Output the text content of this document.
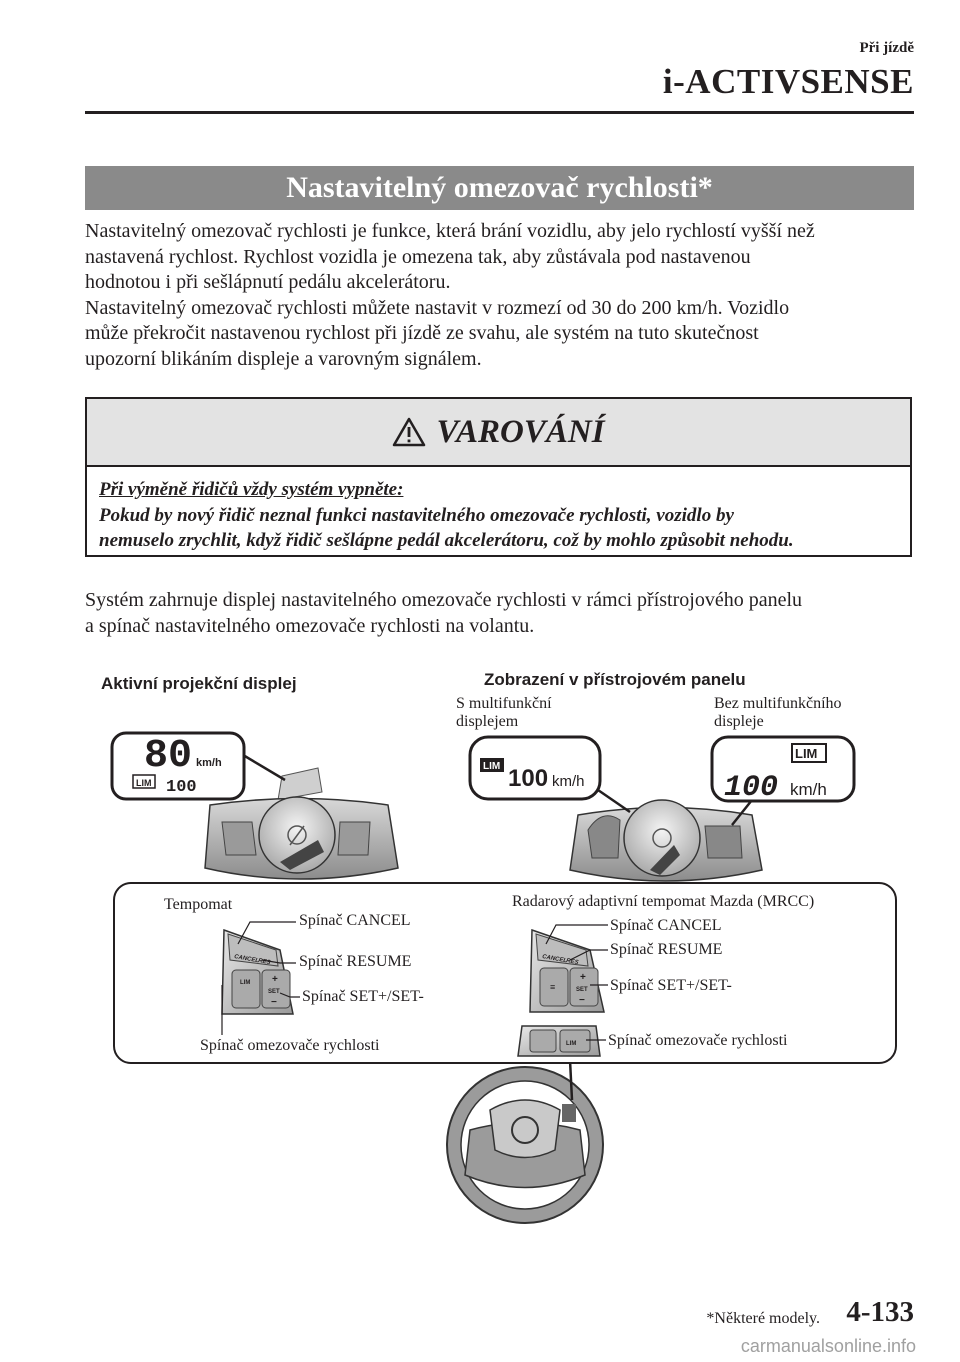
Při jízdě
i-ACTIVSENSE
Nastavitelný omezovač rychlosti*

Nastavitelný omezovač rychlosti je funkce, která brání vozidlu, aby jelo rychlostí vyšší než

nastavená rychlost. Rychlost vozidla je omezena tak, aby zůstávala pod nastavenou

hodnotou i při sešlápnutí pedálu akcelerátoru.

Nastavitelný omezovač rychlosti můžete nastavit v rozmezí od 30 do 200 km/h. Vozidlo

může překročit nastavenou rychlost při jízdě ze svahu, ale systém na tuto skutečnost

upozorní blikáním displeje a varovným signálem.

VAROVÁNÍ
Při výměně řidičů vždy systém vypněte:
Pokud by nový řidič neznal funkci nastavitelného omezovače rychlosti, vozidlo by
nemuselo zrychlit, když řidič sešlápne pedál akcelerátoru, což by mohlo způsobit nehodu.

Systém zahrnuje displej nastavitelného omezovače rychlosti v rámci přístrojového panelu

a spínač nastavitelného omezovače rychlosti na volantu.

Aktivní projekční displej	Zobrazení v přístrojovém panelu
S multifunkční
displejem
Bez multifunkčního
displeje
80 km/h
LIM 100
LIM 100 km/h
LIM
100 km/h
Tempomat
Spínač CANCEL
Spínač RESUME
Spínač SET+/SET-
Spínač omezovače rychlosti
Radarový adaptivní tempomat Mazda (MRCC)
Spínač CANCEL
Spínač RESUME
Spínač SET+/SET-
Spínač omezovače rychlosti
CANCEL
RES
LIM +
SET
−
CANCEL
RES
≡
+
SET
−
LIM
*Některé modely. 4-133
carmanualsonline.info
